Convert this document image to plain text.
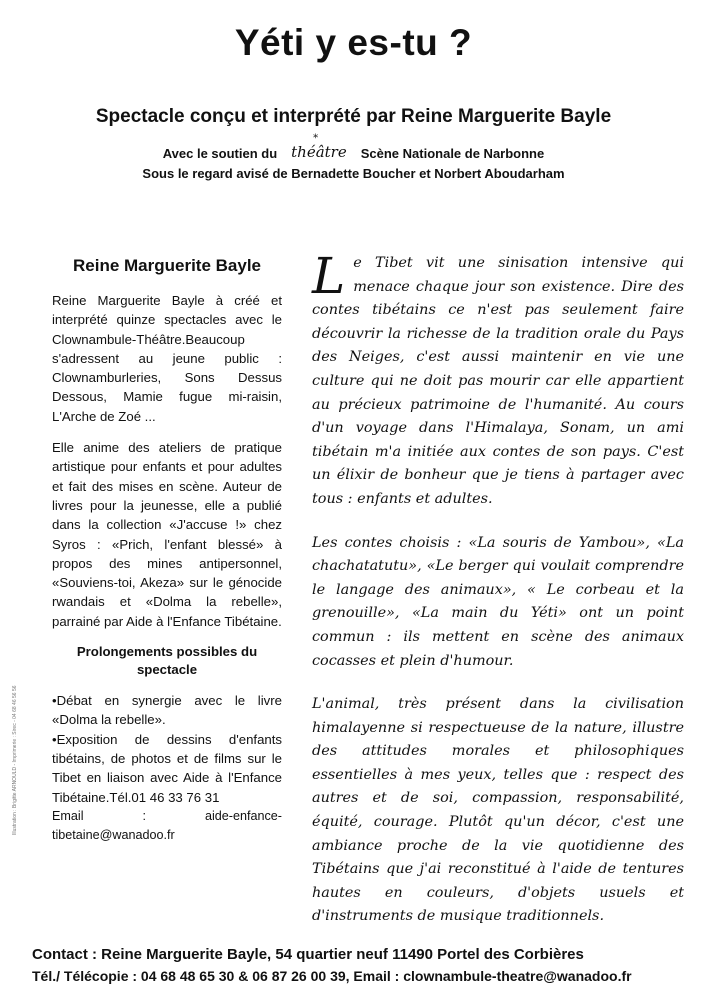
Yéti y es-tu ?
Spectacle conçu et interprété par Reine Marguerite Bayle
Avec le soutien du théâtre
*
Scène Nationale de Narbonne
Sous le regard avisé de Bernadette Boucher et Norbert Aboudarham
Reine Marguerite Bayle

Reine Marguerite Bayle à créé et interprété quinze spectacles avec le Clownambule-Théâtre.Beaucoup s'adressent au jeune public : Clownamburleries, Sons Dessus Dessous, Mamie fugue mi-raisin, L'Arche de Zoé ...

Elle anime des ateliers de pratique artistique pour enfants et pour adultes et fait des mises en scène. Auteur de livres pour la jeunesse, elle a publié dans la collection «J'accuse !» chez Syros : «Prich, l'enfant blessé» à propos des mines antipersonnel, «Souviens-toi, Akeza» sur le génocide rwandais et «Dolma la rebelle», parrainé par Aide à l'Enfance Tibétaine.

Prolongements possibles du spectacle
•Débat en synergie avec le livre «Dolma la rebelle».
•Exposition de dessins d'enfants tibétains, de photos et de films sur le Tibet en liaison avec Aide à l'Enfance Tibétaine.Tél.01 46 33 76 31
Email : aide-enfance-tibetaine@wanadoo.fr

Le Tibet vit une sinisation intensive qui menace chaque jour son existence. Dire des contes tibétains ce n'est pas seulement faire découvrir la richesse de la tradition orale du Pays des Neiges, c'est aussi maintenir en vie une culture qui ne doit pas mourir car elle appartient au précieux patrimoine de l'humanité. Au cours d'un voyage dans l'Himalaya, Sonam, un ami tibétain m'a initiée aux contes de son pays. C'est un élixir de bonheur que je tiens à partager avec tous : enfants et adultes.

Les contes choisis : «La souris de Yambou», «La chachatatutu», «Le berger qui voulait comprendre le langage des animaux», « Le corbeau et la grenouille», «La main du Yéti» ont un point commun : ils mettent en scène des animaux cocasses et plein d'humour.

L'animal, très présent dans la civilisation himalayenne si respectueuse de la nature, illustre des attitudes morales et philosophiques essentielles à mes yeux, telles que : respect des autres et de soi, compassion, responsabilité, équité, courage. Plutôt qu'un décor, c'est une ambiance proche de la vie quotidienne des Tibétains que j'ai reconstitué à l'aide de tentures hautes en couleurs, d'objets usuels et d'instruments de musique traditionnels.

Illustration : Brigitte ARNOULD - Imprimerie : Sirec - 04 68 46 56 56
Contact : Reine Marguerite Bayle, 54 quartier neuf 11490 Portel des Corbières
Tél./ Télécopie : 04 68 48 65 30 & 06 87 26 00 39, Email : clownambule-theatre@wanadoo.fr
